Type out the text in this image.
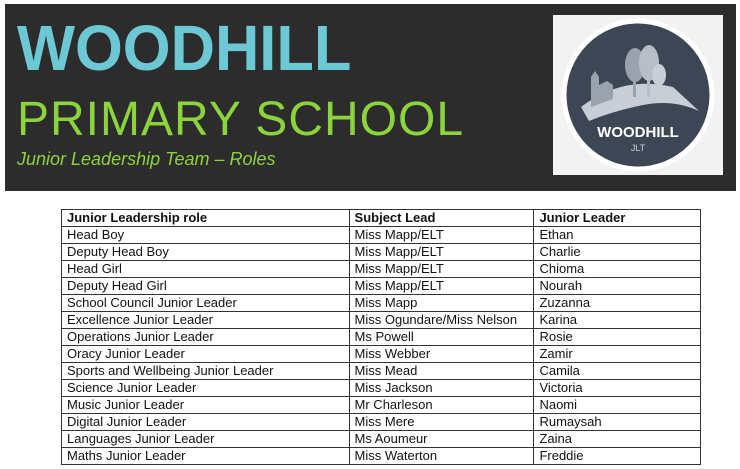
WOODHILL
PRIMARY SCHOOL
Junior Leadership Team – Roles
WOODHILL
JLT
Junior Leadership role	Subject Lead	Junior Leader
Head Boy	Miss Mapp/ELT	Ethan
Deputy Head Boy	Miss Mapp/ELT	Charlie
Head Girl	Miss Mapp/ELT	Chioma
Deputy Head Girl	Miss Mapp/ELT	Nourah
School Council Junior Leader	Miss Mapp	Zuzanna
Excellence Junior Leader	Miss Ogundare/Miss Nelson	Karina
Operations Junior Leader	Ms Powell	Rosie
Oracy Junior Leader	Miss Webber	Zamir
Sports and Wellbeing Junior Leader	Miss Mead	Camila
Science Junior Leader	Miss Jackson	Victoria
Music Junior Leader	Mr Charleson	Naomi
Digital Junior Leader	Miss Mere	Rumaysah
Languages Junior Leader	Ms Aoumeur	Zaina
Maths Junior Leader	Miss Waterton	Freddie
